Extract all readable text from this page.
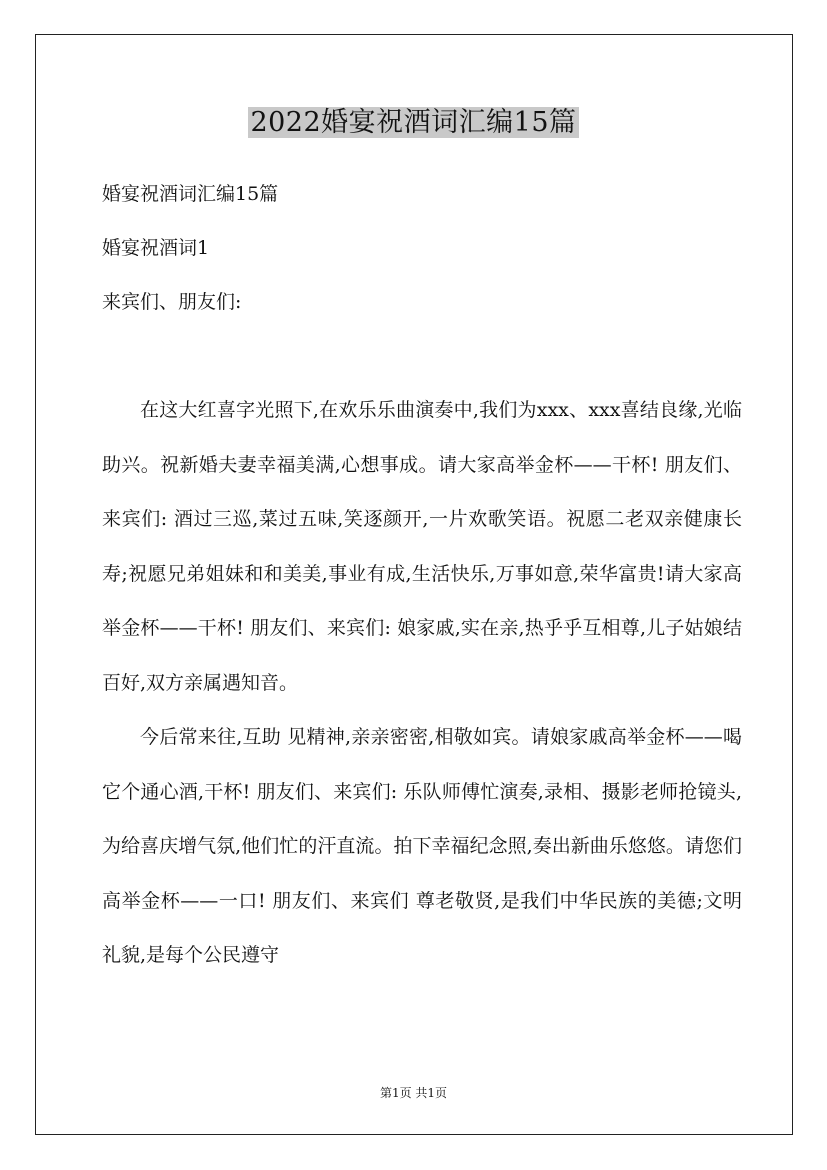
2022婚宴祝酒词汇编15篇
婚宴祝酒词汇编15篇
婚宴祝酒词1
来宾们、朋友们:

在这大红喜字光照下,在欢乐乐曲演奏中,我们为xxx、xxx喜结良缘,光临助兴。祝新婚夫妻幸福美满,心想事成。请大家高举金杯——干杯! 朋友们、来宾们: 酒过三巡,菜过五味,笑逐颜开,一片欢歌笑语。祝愿二老双亲健康长寿;祝愿兄弟姐妹和和美美,事业有成,生活快乐,万事如意,荣华富贵!请大家高举金杯——干杯! 朋友们、来宾们: 娘家戚,实在亲,热乎乎互相尊,儿子姑娘结百好,双方亲属遇知音。

今后常来往,互助 见精神,亲亲密密,相敬如宾。请娘家戚高举金杯——喝它个通心酒,干杯! 朋友们、来宾们: 乐队师傅忙演奏,录相、摄影老师抢镜头,为给喜庆增气氛,他们忙的汗直流。拍下幸福纪念照,奏出新曲乐悠悠。请您们高举金杯——一口! 朋友们、来宾们 尊老敬贤,是我们中华民族的美德;文明礼貌,是每个公民遵守

第1页 共1页
